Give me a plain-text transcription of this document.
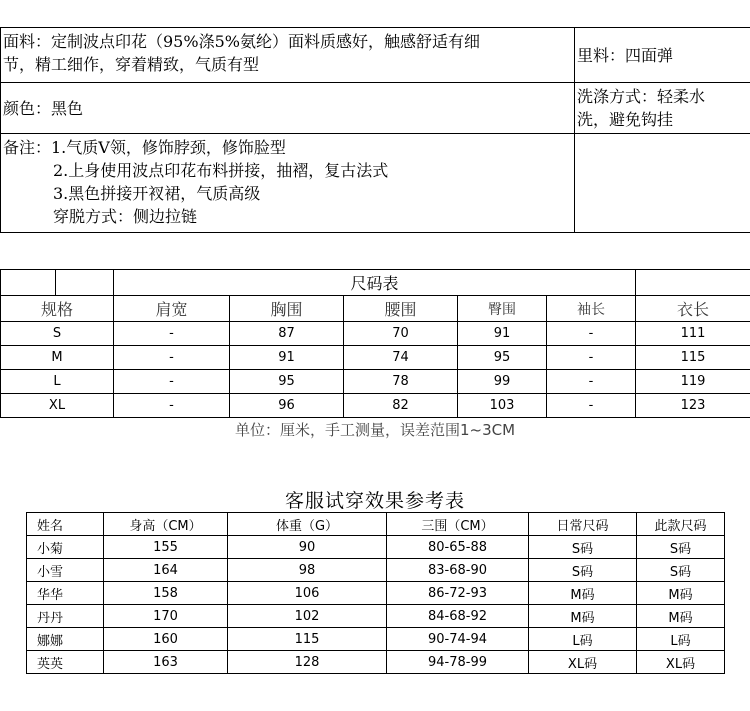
面料：定制波点印花（95%涤5%氨纶）面料质感好，触感舒适有细
节，精工细作，穿着精致，气质有型	里料：四面弹
颜色：黑色	洗涤方式：轻柔水
洗，避免钩挂

备注：1.气质V领，修饰脖颈，修饰脸型
2.上身使用波点印花布料拼接，抽褶，复古法式
3.黑色拼接开衩裙，气质高级
穿脱方式：侧边拉链	

		尺码表					
规格		肩宽	胸围	腰围	臀围	袖长	衣长
S		-	87	70	91	-	111
M		-	91	74	95	-	115
L		-	95	78	99	-	119
XL		-	96	82	103	-	123
单位：厘米，手工测量，误差范围1~3CM
客服试穿效果参考表
姓名	身高（CM）	体重（G）	三围（CM）	日常尺码	此款尺码
小菊	155	90	80-65-88	S码	S码
小雪	164	98	83-68-90	S码	S码
华华	158	106	86-72-93	M码	M码
丹丹	170	102	84-68-92	M码	M码
娜娜	160	115	90-74-94	L码	L码
英英	163	128	94-78-99	XL码	XL码
